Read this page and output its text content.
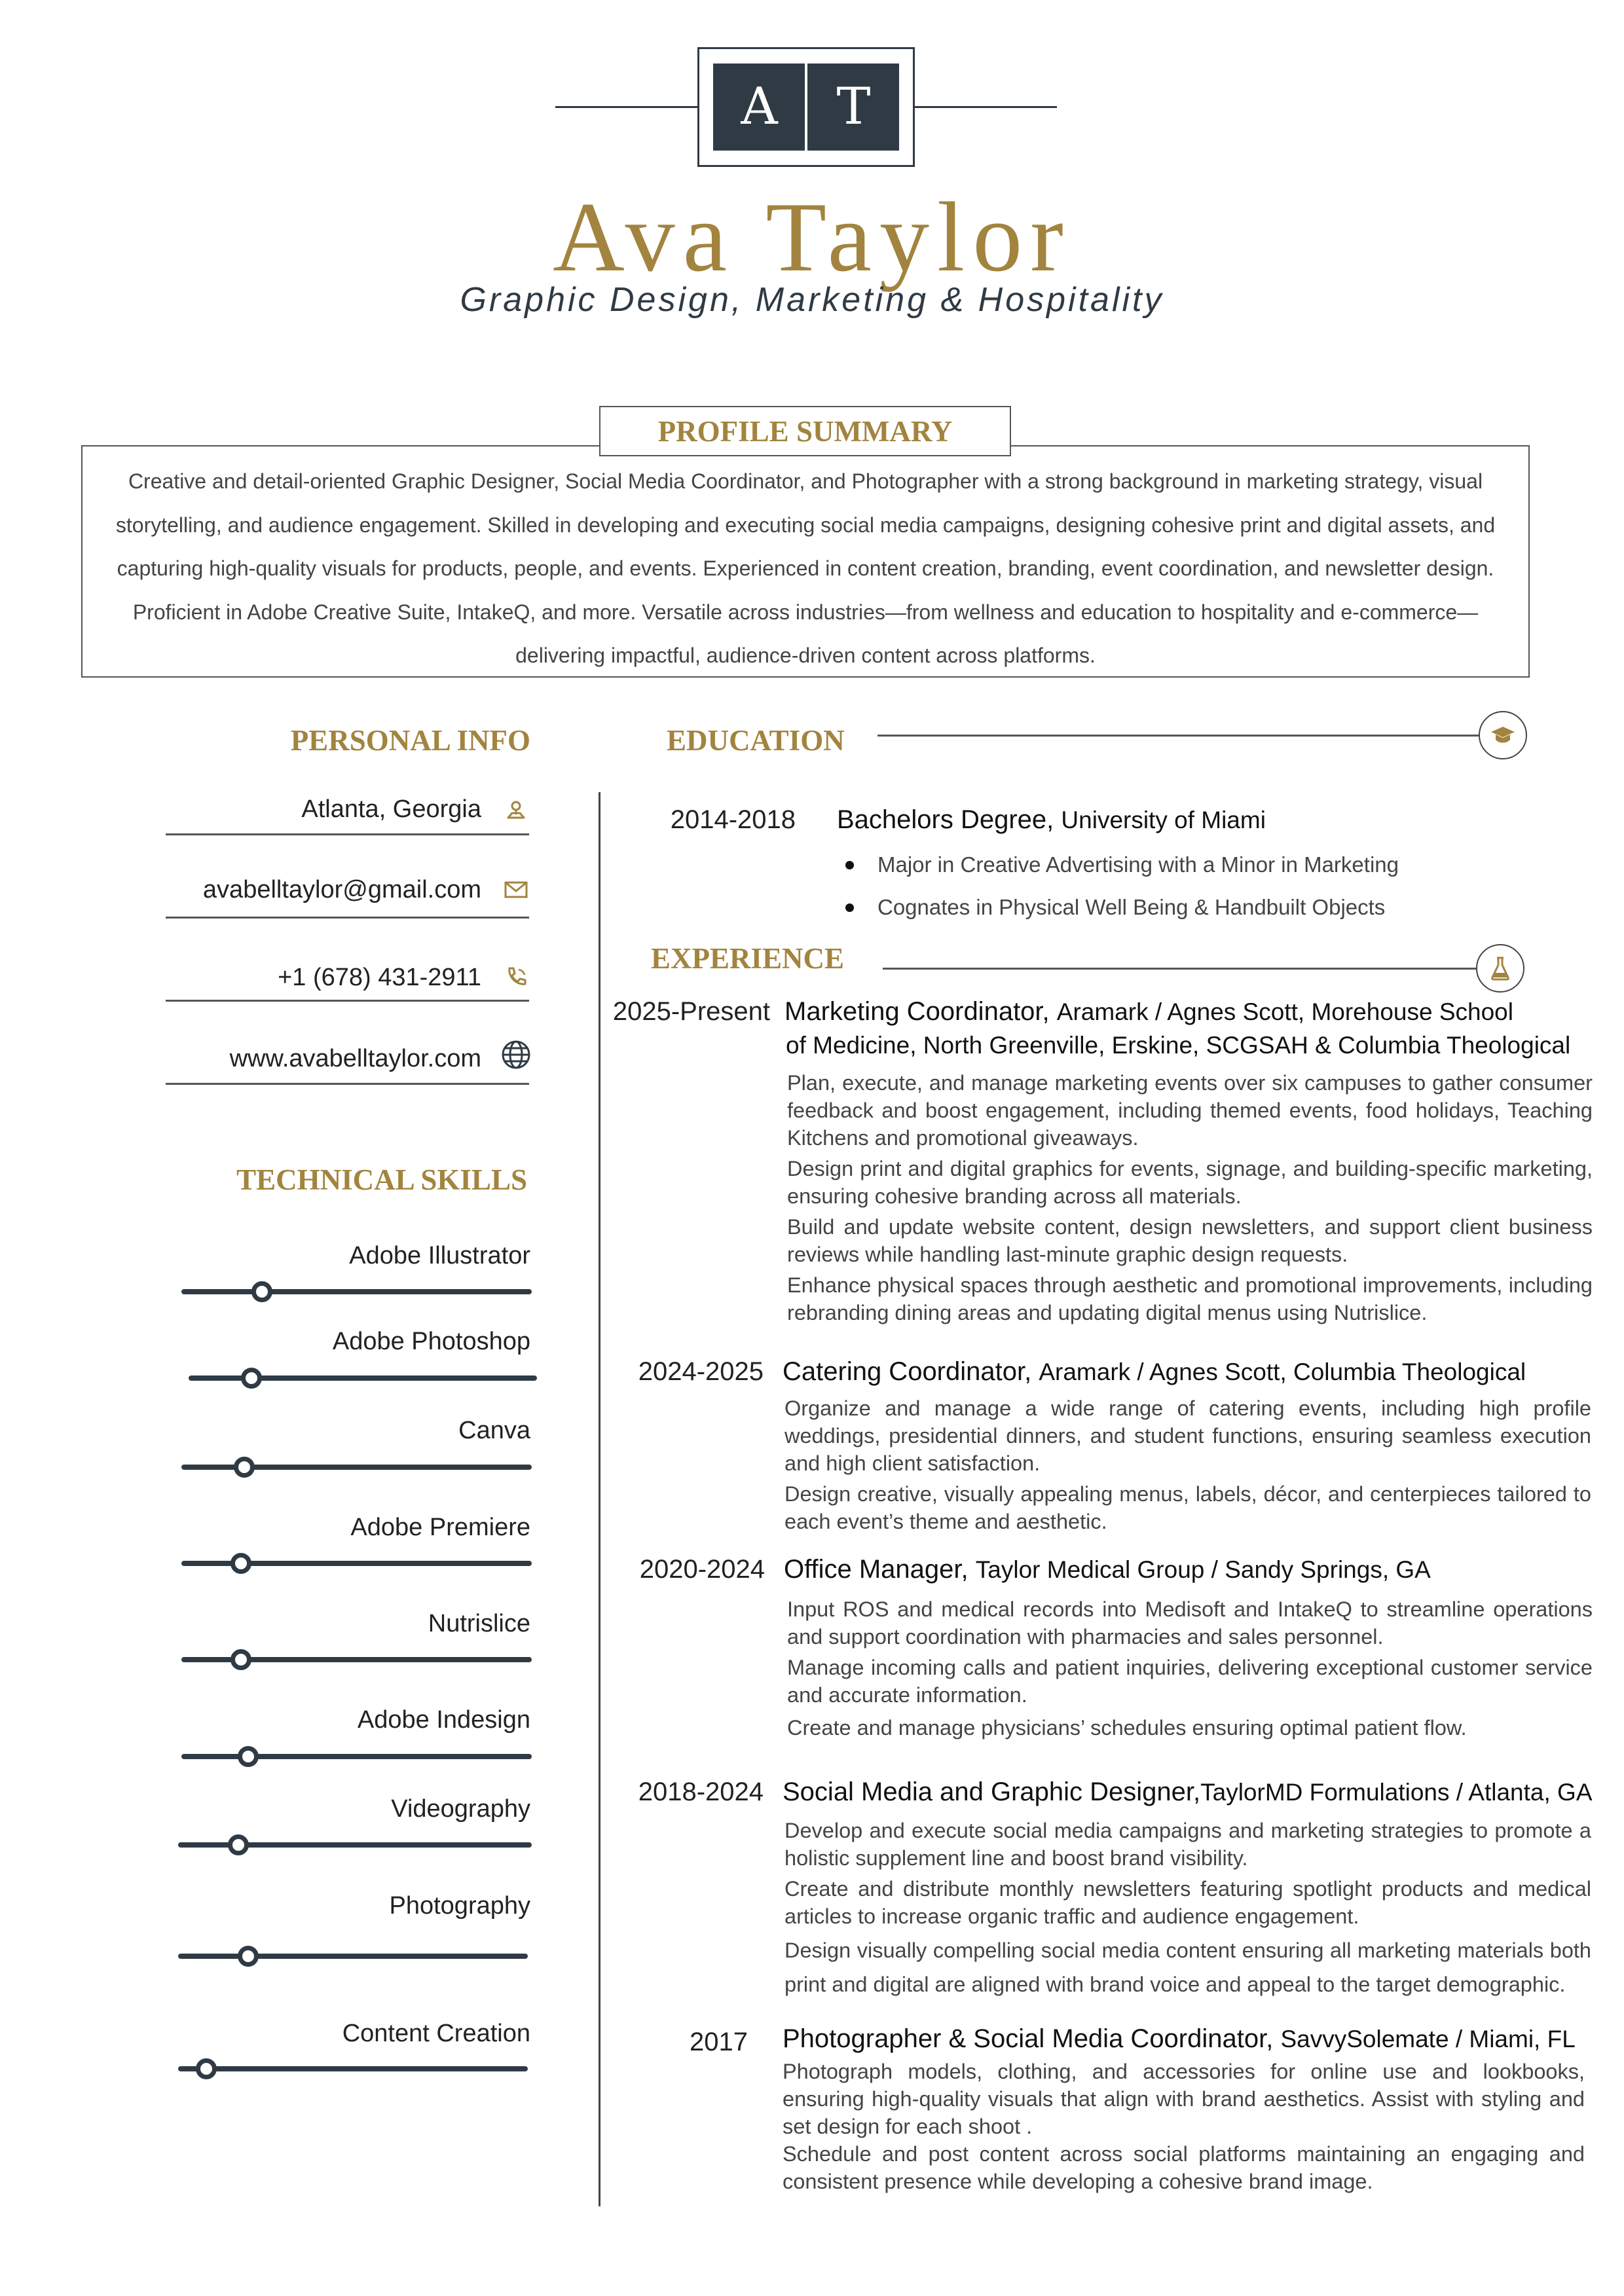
A	T
Ava Taylor
Graphic Design, Marketing & Hospitality
PROFILE SUMMARY
Creative and detail-oriented Graphic Designer, Social Media Coordinator, and Photographer with a strong background in marketing strategy, visual storytelling, and audience engagement. Skilled in developing and executing social media campaigns, designing cohesive print and digital assets, and capturing high-quality visuals for products, people, and events. Experienced in content creation, branding, event coordination, and newsletter design. Proficient in Adobe Creative Suite, IntakeQ, and more. Versatile across industries—from wellness and education to hospitality and e-commerce—delivering impactful, audience-driven content across platforms.
PERSONAL INFO
Atlanta, Georgia
avabelltaylor@gmail.com
+1 (678) 431-2911
www.avabelltaylor.com
TECHNICAL SKILLS
EDUCATION
2014-2018 Bachelors Degree, University of Miami
Major in Creative Advertising with a Minor in Marketing
Cognates in Physical Well Being & Handbuilt Objects
EXPERIENCE
2025-Present Marketing Coordinator, Aramark / Agnes Scott, Morehouse School
of Medicine, North Greenville, Erskine, SCGSAH & Columbia Theological
Plan, execute, and manage marketing events over six campuses to gather consumer feedback and boost engagement, including themed events, food holidays, Teaching Kitchens and promotional giveaways.
Design print and digital graphics for events, signage, and building-specific marketing, ensuring cohesive branding across all materials.
Build and update website content, design newsletters, and support client business reviews while handling last-minute graphic design requests.
Enhance physical spaces through aesthetic and promotional improvements, including rebranding dining areas and updating digital menus using Nutrislice.
2024-2025 Catering Coordinator, Aramark / Agnes Scott, Columbia Theological
Organize and manage a wide range of catering events, including high profile weddings, presidential dinners, and student functions, ensuring seamless execution and high client satisfaction.
Design creative, visually appealing menus, labels, décor, and centerpieces tailored to each event’s theme and aesthetic.
2020-2024 Office Manager, Taylor Medical Group / Sandy Springs, GA
Input ROS and medical records into Medisoft and IntakeQ to streamline operations and support coordination with pharmacies and sales personnel.
Manage incoming calls and patient inquiries, delivering exceptional customer service and accurate information.
Create and manage physicians’ schedules ensuring optimal patient flow.
2018-2024 Social Media and Graphic Designer,TaylorMD Formulations / Atlanta, GA
Develop and execute social media campaigns and marketing strategies to promote a holistic supplement line and boost brand visibility.
Create and distribute monthly newsletters featuring spotlight products and medical articles to increase organic traffic and audience engagement.
Design visually compelling social media content ensuring all marketing materials both print and digital are aligned with brand voice and appeal to the target demographic.
2017 Photographer & Social Media Coordinator, SavvySolemate / Miami, FL
Photograph models, clothing, and accessories for online use and lookbooks, ensuring high-quality visuals that align with brand aesthetics. Assist with styling and set design for each shoot .
Schedule and post content across social platforms maintaining an engaging and consistent presence while developing a cohesive brand image.
Adobe Illustrator
Adobe Photoshop
Canva
Adobe Premiere
Nutrislice
Adobe Indesign
Videography
Photography
Content Creation
